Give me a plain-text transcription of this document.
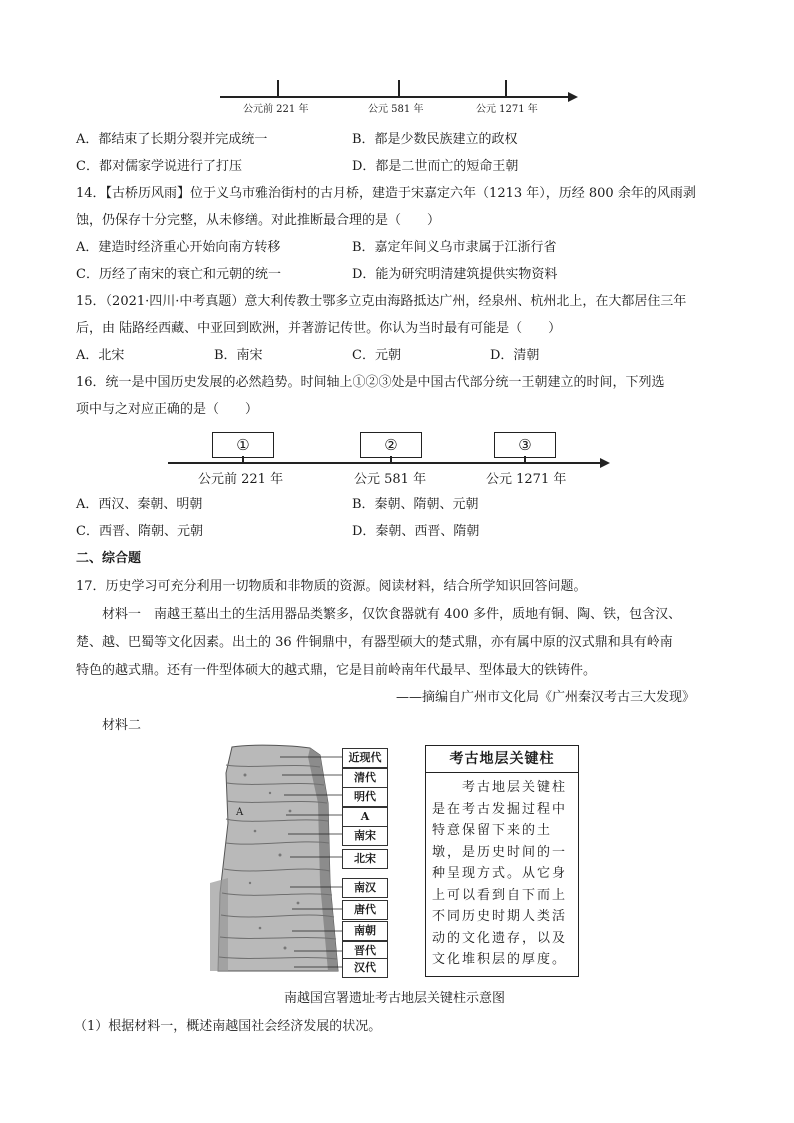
公元前 221 年	公元 581 年	公元 1271 年
A．都结束了长期分裂并完成统一	B．都是少数民族建立的政权
C．都对儒家学说进行了打压	D．都是二世而亡的短命王朝
14．【古桥历风雨】位于义乌市雅治街村的古月桥，建造于宋嘉定六年（1213 年），历经 800 余年的风雨剥
蚀，仍保存十分完整，从未修缮。对此推断最合理的是（　　）
A．建造时经济重心开始向南方转移	B．嘉定年间义乌市隶属于江浙行省
C．历经了南宋的衰亡和元朝的统一	D．能为研究明清建筑提供实物资料
15．（2021·四川·中考真题）意大利传教士鄂多立克由海路抵达广州，经泉州、杭州北上，在大都居住三年
后，由 陆路经西藏、中亚回到欧洲，并著游记传世。你认为当时最有可能是（　　）
A．北宋	B．南宋	C．元朝	D．清朝
16．统一是中国历史发展的必然趋势。时间轴上①②③处是中国古代部分统一王朝建立的时间，下列选
项中与之对应正确的是（　　）
①	②	③
公元前 221 年	公元 581 年	公元 1271 年
A．西汉、秦朝、明朝	B．秦朝、隋朝、元朝
C．西晋、隋朝、元朝	D．秦朝、西晋、隋朝
二、综合题
17．历史学习可充分利用一切物质和非物质的资源。阅读材料，结合所学知识回答问题。
材料一　南越王墓出土的生活用器品类繁多，仅饮食器就有 400 多件，质地有铜、陶、铁，包含汉、
楚、越、巴蜀等文化因素。出土的 36 件铜鼎中，有器型硕大的楚式鼎，亦有属中原的汉式鼎和具有岭南
特色的越式鼎。还有一件型体硕大的越式鼎，它是目前岭南年代最早、型体最大的铁铸件。
——摘编自广州市文化局《广州秦汉考古三大发现》
材料二
A
近现代
清代
明代
A
南宋
北宋
南汉
唐代
南朝
晋代
汉代
考古地层关键柱
　　考古地层关键柱是在考古发掘过程中特意保留下来的土墩，是历史时间的一种呈现方式。从它身上可以看到自下而上不同历史时期人类活动的文化遗存，以及文化堆积层的厚度。
南越国宫署遗址考古地层关键柱示意图
（1）根据材料一，概述南越国社会经济发展的状况。
